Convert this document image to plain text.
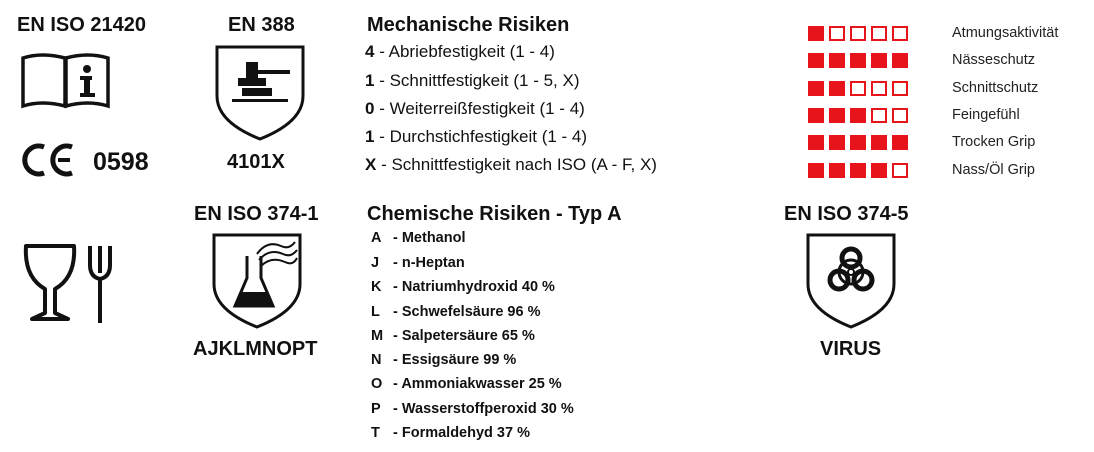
EN ISO 21420
0598
EN 388
4101X
Mechanische Risiken
4 - Abriebfestigkeit (1 - 4)
1 - Schnittfestigkeit (1 - 5, X)
0 - Weiterreißfestigkeit (1 - 4)
1 - Durchstichfestigkeit (1 - 4)
X - Schnittfestigkeit nach ISO (A - F, X)
Atmungsaktivität
Nässeschutz
Schnittschutz
Feingefühl
Trocken Grip
Nass/Öl Grip
EN ISO 374-1
AJKLMNOPT
Chemische Risiken - Typ A
A - Methanol
J - n-Heptan
K - Natriumhydroxid 40 %
L - Schwefelsäure 96 %
M - Salpetersäure 65 %
N - Essigsäure 99 %
O - Ammoniakwasser 25 %
P - Wasserstoffperoxid 30 %
T - Formaldehyd 37 %
EN ISO 374-5
VIRUS
